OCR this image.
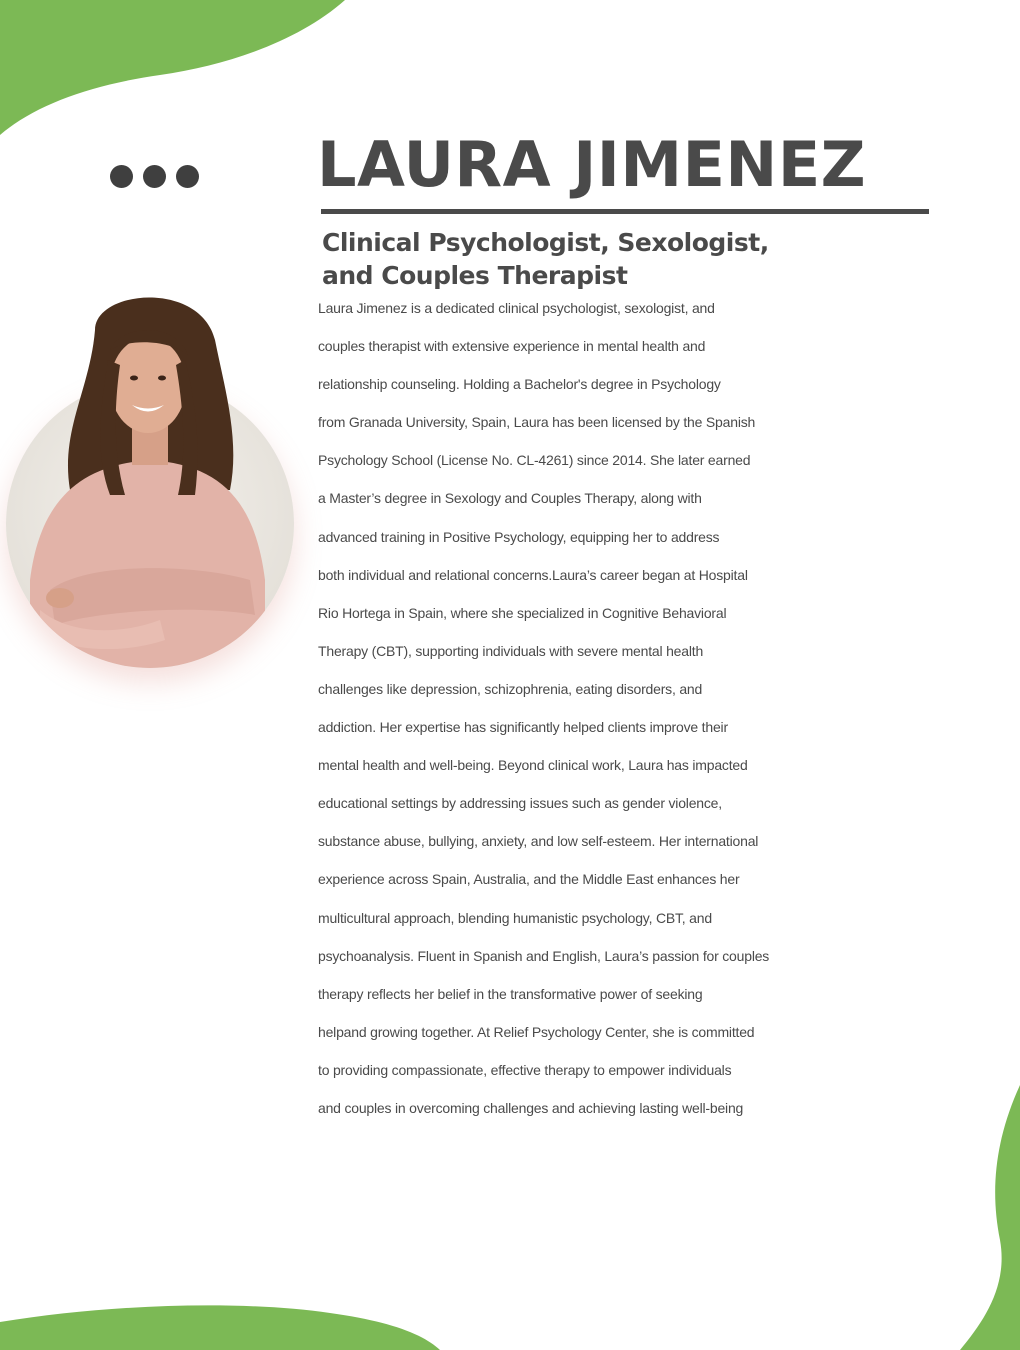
LAURA JIMENEZ
Clinical Psychologist, Sexologist,
and Couples Therapist
Laura Jimenez is a dedicated clinical psychologist, sexologist, and
couples therapist with extensive experience in mental health and
relationship counseling. Holding a Bachelor's degree in Psychology
from Granada University, Spain, Laura has been licensed by the Spanish
Psychology School (License No. CL-4261) since 2014. She later earned
a Master’s degree in Sexology and Couples Therapy, along with
advanced training in Positive Psychology, equipping her to address
both individual and relational concerns.Laura’s career began at Hospital
Rio Hortega in Spain, where she specialized in Cognitive Behavioral
Therapy (CBT), supporting individuals with severe mental health
challenges like depression, schizophrenia, eating disorders, and
addiction. Her expertise has significantly helped clients improve their
mental health and well-being. Beyond clinical work, Laura has impacted
educational settings by addressing issues such as gender violence,
substance abuse, bullying, anxiety, and low self-esteem. Her international
experience across Spain, Australia, and the Middle East enhances her
multicultural approach, blending humanistic psychology, CBT, and
psychoanalysis. Fluent in Spanish and English, Laura’s passion for couples
therapy reflects her belief in the transformative power of seeking
helpand growing together. At Relief Psychology Center, she is committed
to providing compassionate, effective therapy to empower individuals
and couples in overcoming challenges and achieving lasting well-being
